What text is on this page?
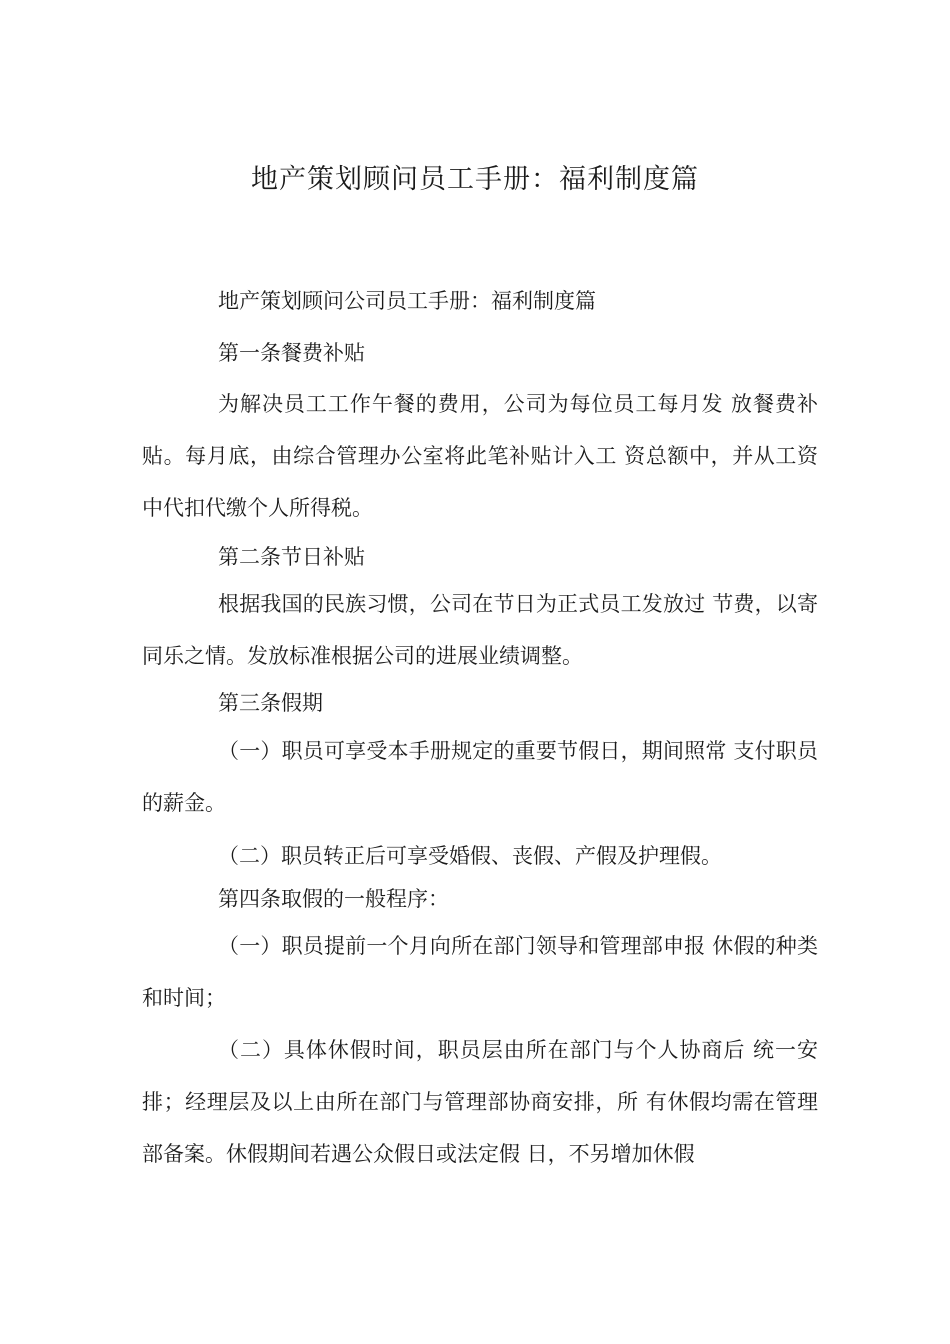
地产策划顾问员工手册：福利制度篇
地产策划顾问公司员工手册：福利制度篇
第一条餐费补贴

为解决员工工作午餐的费用，公司为每位员工每月发 放餐费补贴。每月底，由综合管理办公室将此笔补贴计入工 资总额中，并从工资中代扣代缴个人所得税。

第二条节日补贴

根据我国的民族习惯，公司在节日为正式员工发放过 节费，以寄同乐之情。发放标准根据公司的进展业绩调整。

第三条假期

（一）职员可享受本手册规定的重要节假日，期间照常 支付职员的薪金。

（二）职员转正后可享受婚假、丧假、产假及护理假。
第四条取假的一般程序：

（一）职员提前一个月向所在部门领导和管理部申报 休假的种类和时间；

（二）具体休假时间，职员层由所在部门与个人协商后 统一安排；经理层及以上由所在部门与管理部协商安排，所 有休假均需在管理部备案。休假期间若遇公众假日或法定假 日，不另增加休假
